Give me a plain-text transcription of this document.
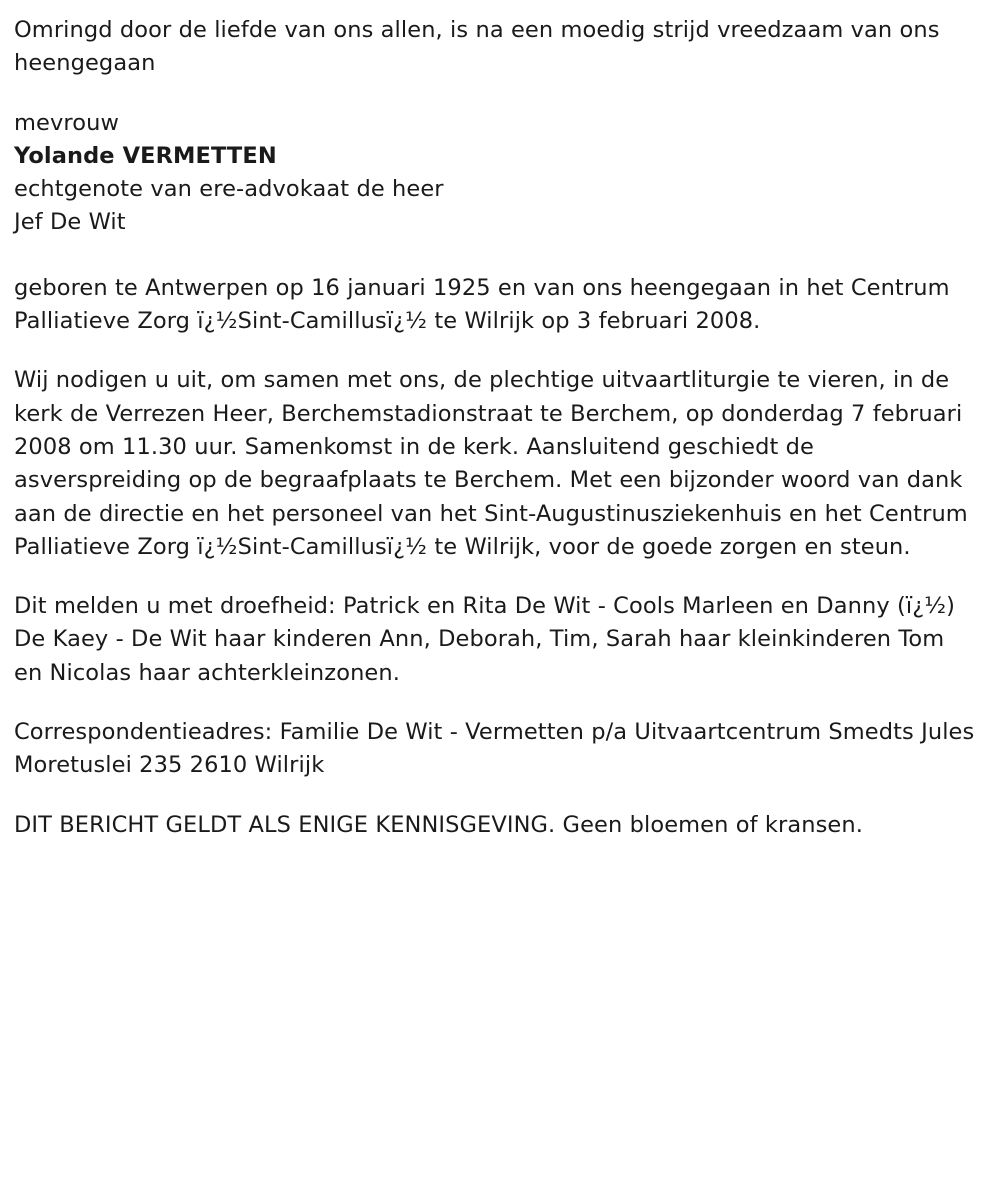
Omringd door de liefde van ons allen, is na een moedig strijd vreedzaam van ons heengegaan

mevrouw

Yolande VERMETTEN

echtgenote van ere-advokaat de heer

Jef De Wit

geboren te Antwerpen op 16 januari 1925 en van ons heengegaan in het Centrum Palliatieve Zorg ï¿½Sint-Camillusï¿½ te Wilrijk op 3 februari 2008.

Wij nodigen u uit, om samen met ons, de plechtige uitvaartliturgie te vieren, in de kerk de Verrezen Heer, Berchemstadionstraat te Berchem, op donderdag 7 februari 2008 om 11.30 uur. Samenkomst in de kerk. Aansluitend geschiedt de asverspreiding op de begraafplaats te Berchem. Met een bijzonder woord van dank aan de directie en het personeel van het Sint-Augustinusziekenhuis en het Centrum Palliatieve Zorg ï¿½Sint-Camillusï¿½ te Wilrijk, voor de goede zorgen en steun.

Dit melden u met droefheid: Patrick en Rita De Wit - Cools Marleen en Danny (ï¿½) De Kaey - De Wit haar kinderen Ann, Deborah, Tim, Sarah haar kleinkinderen Tom en Nicolas haar achterkleinzonen.

Correspondentieadres: Familie De Wit - Vermetten p/a Uitvaartcentrum Smedts Jules Moretuslei 235 2610 Wilrijk

DIT BERICHT GELDT ALS ENIGE KENNISGEVING. Geen bloemen of kransen.
